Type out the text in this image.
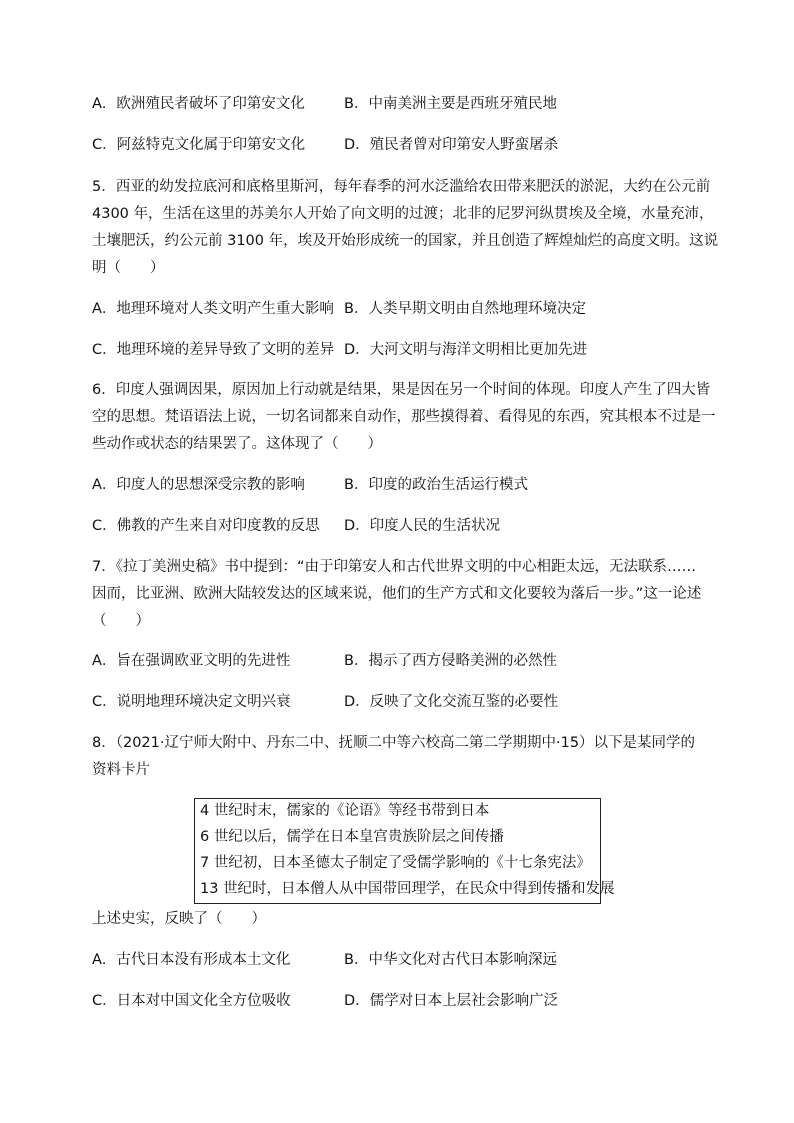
A．欧洲殖民者破坏了印第安文化	B．中南美洲主要是西班牙殖民地
C．阿兹特克文化属于印第安文化	D．殖民者曾对印第安人野蛮屠杀
5．西亚的幼发拉底河和底格里斯河，每年春季的河水泛滥给农田带来肥沃的淤泥，大约在公元前
4300 年，生活在这里的苏美尔人开始了向文明的过渡；北非的尼罗河纵贯埃及全境，水量充沛，
土壤肥沃，约公元前 3100 年，埃及开始形成统一的国家，并且创造了辉煌灿烂的高度文明。这说
明（　　）
A．地理环境对人类文明产生重大影响 B．人类早期文明由自然地理环境决定
C．地理环境的差异导致了文明的差异 D．大河文明与海洋文明相比更加先进
6．印度人强调因果，原因加上行动就是结果，果是因在另一个时间的体现。印度人产生了四大皆
空的思想。梵语语法上说，一切名词都来自动作，那些摸得着、看得见的东西，究其根本不过是一
些动作或状态的结果罢了。这体现了（　　）
A．印度人的思想深受宗教的影响	B．印度的政治生活运行模式
C．佛教的产生来自对印度教的反思 D．印度人民的生活状况
7．《拉丁美洲史稿》书中提到：“由于印第安人和古代世界文明的中心相距太远，无法联系……
因而，比亚洲、欧洲大陆较发达的区域来说，他们的生产方式和文化要较为落后一步。”这一论述
（　　）
A．旨在强调欧亚文明的先进性	B．揭示了西方侵略美洲的必然性
C．说明地理环境决定文明兴衰	D．反映了文化交流互鉴的必要性
8．（2021·辽宁师大附中、丹东二中、抚顺二中等六校高二第二学期期中·15）以下是某同学的
资料卡片
4 世纪时末，儒家的《论语》等经书带到日本
6 世纪以后，儒学在日本皇宫贵族阶层之间传播
7 世纪初，日本圣德太子制定了受儒学影响的《十七条宪法》
13 世纪时，日本僧人从中国带回理学，在民众中得到传播和发展
上述史实，反映了（　　）
A．古代日本没有形成本土文化	B．中华文化对古代日本影响深远
C．日本对中国文化全方位吸收	D．儒学对日本上层社会影响广泛
